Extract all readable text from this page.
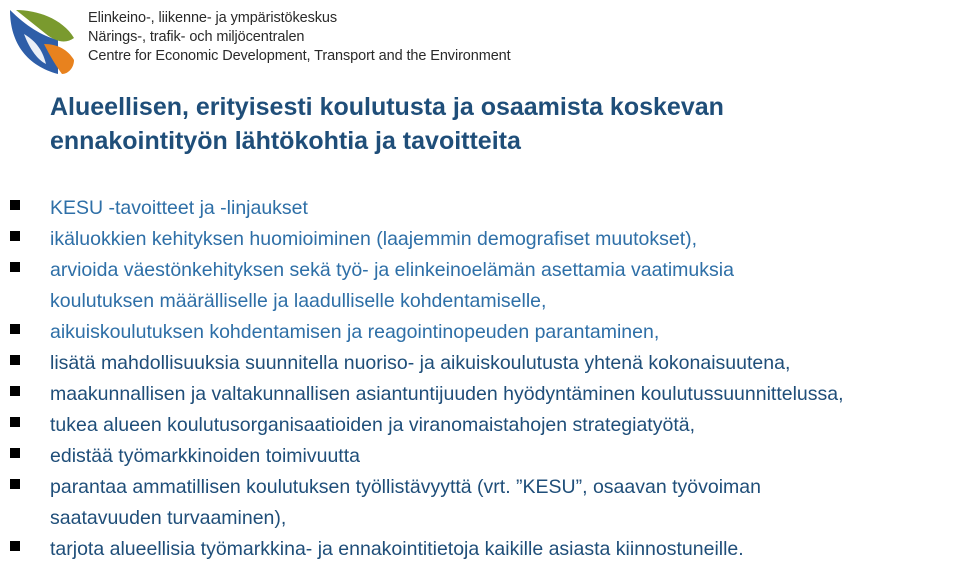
Elinkeino-, liikenne- ja ympäristökeskus
Närings-, trafik- och miljöcentralen
Centre for Economic Development, Transport and the Environment
Alueellisen, erityisesti koulutusta ja osaamista koskevan
ennakointityön lähtökohtia ja tavoitteita
KESU -tavoitteet ja -linjaukset
ikäluokkien kehityksen huomioiminen (laajemmin demografiset muutokset),
arvioida väestönkehityksen sekä työ- ja elinkeinoelämän asettamia vaatimuksia
koulutuksen määrälliselle ja laadulliselle kohdentamiselle,
aikuiskoulutuksen kohdentamisen ja reagointinopeuden parantaminen,
lisätä mahdollisuuksia suunnitella nuoriso- ja aikuiskoulutusta yhtenä kokonaisuutena,
maakunnallisen ja valtakunnallisen asiantuntijuuden hyödyntäminen koulutussuunnittelussa,
tukea alueen koulutusorganisaatioiden ja viranomaistahojen strategiatyötä,
edistää työmarkkinoiden toimivuutta
parantaa ammatillisen koulutuksen työllistävyyttä (vrt. ”KESU”, osaavan työvoiman
saatavuuden turvaaminen),
tarjota alueellisia työmarkkina- ja ennakointitietoja kaikille asiasta kiinnostuneille.
